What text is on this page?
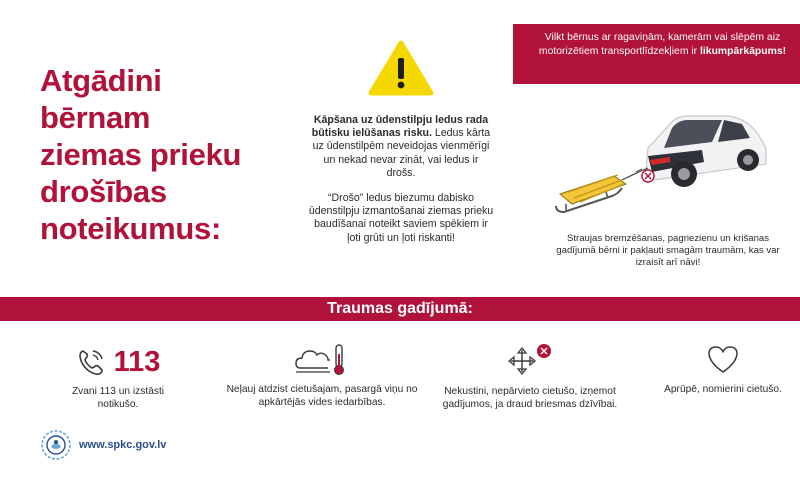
Atgādini
bērnam
ziemas prieku
drošības
noteikumus:

Kāpšana uz ūdenstilpju ledus rada būtisku ielūšanas risku. Ledus kārta uz ūdenstilpēm neveidojas vienmērīgi un nekad nevar zināt, vai ledus ir drošs.

“Drošo” ledus biezumu dabisko ūdenstilpju izmantošanai ziemas prieku baudīšanai noteikt saviem spēkiem ir ļoti grūti un ļoti riskanti!

Vilkt bērnus ar ragaviņām, kamerām vai slēpēm aiz motorizētiem transportlīdzekļiem ir likumpārkāpums!
Straujas bremzēšanas, pagriezienu un krišanas gadījumā bērni ir pakļauti smagām traumām, kas var izraisīt arī nāvi!
Traumas gadījumā:
113
Zvani 113 un izstāsti notikušo.
Neļauj atdzist cietušajam, pasargā viņu no apkārtējās vides iedarbības.
Nekustini, nepārvieto cietušo, izņemot gadījumos, ja draud briesmas dzīvībai.
Aprūpē, nomierini cietušo.
www.spkc.gov.lv
